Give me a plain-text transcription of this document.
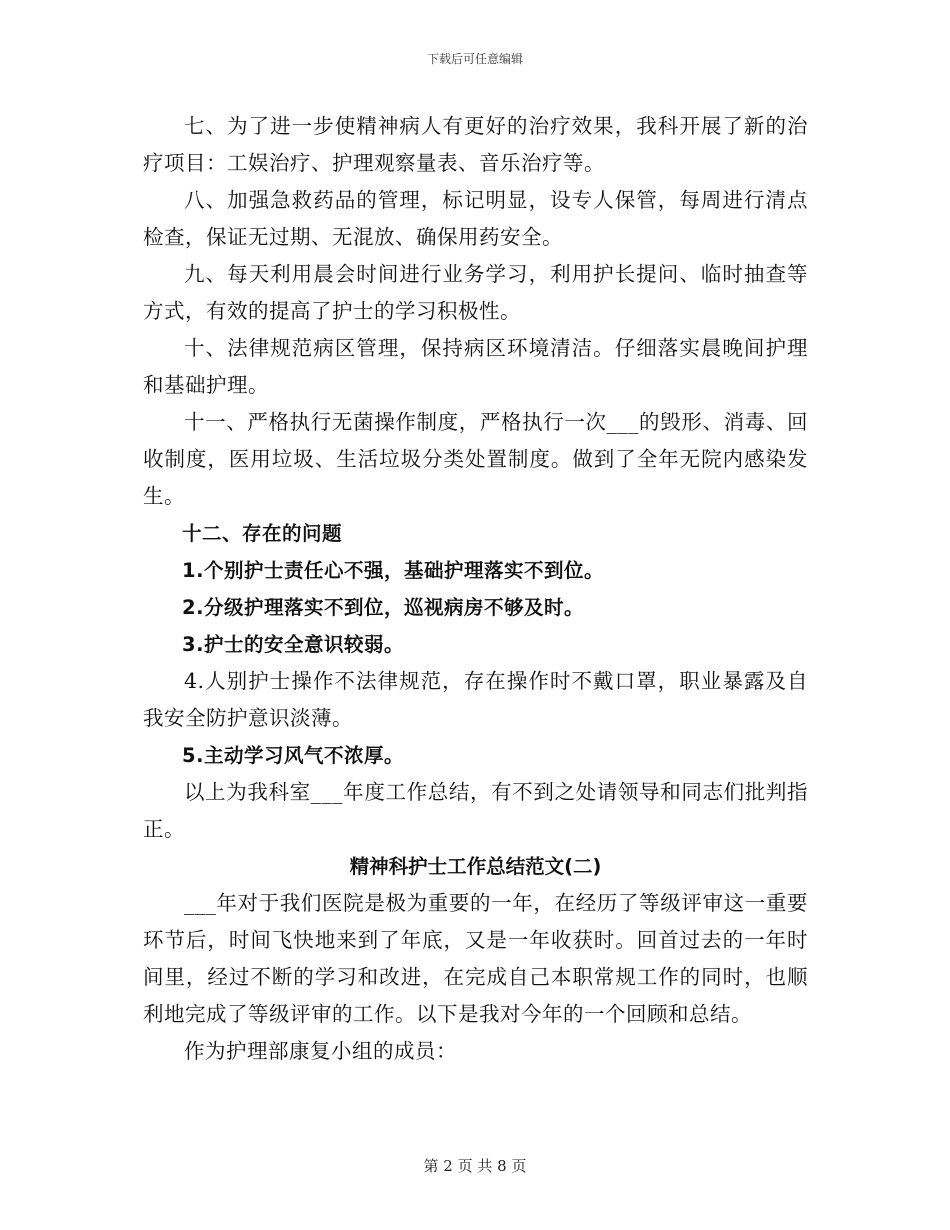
下载后可任意编辑

七、为了进一步使精神病人有更好的治疗效果，我科开展了新的治疗项目：工娱治疗、护理观察量表、音乐治疗等。

八、加强急救药品的管理，标记明显，设专人保管，每周进行清点检查，保证无过期、无混放、确保用药安全。

九、每天利用晨会时间进行业务学习，利用护长提问、临时抽查等方式，有效的提高了护士的学习积极性。

十、法律规范病区管理，保持病区环境清洁。仔细落实晨晚间护理和基础护理。

十一、严格执行无菌操作制度，严格执行一次___的毁形、消毒、回收制度，医用垃圾、生活垃圾分类处置制度。做到了全年无院内感染发生。

十二、存在的问题

1.个别护士责任心不强，基础护理落实不到位。

2.分级护理落实不到位，巡视病房不够及时。

3.护士的安全意识较弱。

4.人别护士操作不法律规范，存在操作时不戴口罩，职业暴露及自我安全防护意识淡薄。

5.主动学习风气不浓厚。

以上为我科室___年度工作总结，有不到之处请领导和同志们批判指正。

精神科护士工作总结范文(二)

___年对于我们医院是极为重要的一年，在经历了等级评审这一重要环节后，时间飞快地来到了年底，又是一年收获时。回首过去的一年时间里，经过不断的学习和改进，在完成自己本职常规工作的同时，也顺利地完成了等级评审的工作。以下是我对今年的一个回顾和总结。

作为护理部康复小组的成员：

第 2 页 共 8 页
